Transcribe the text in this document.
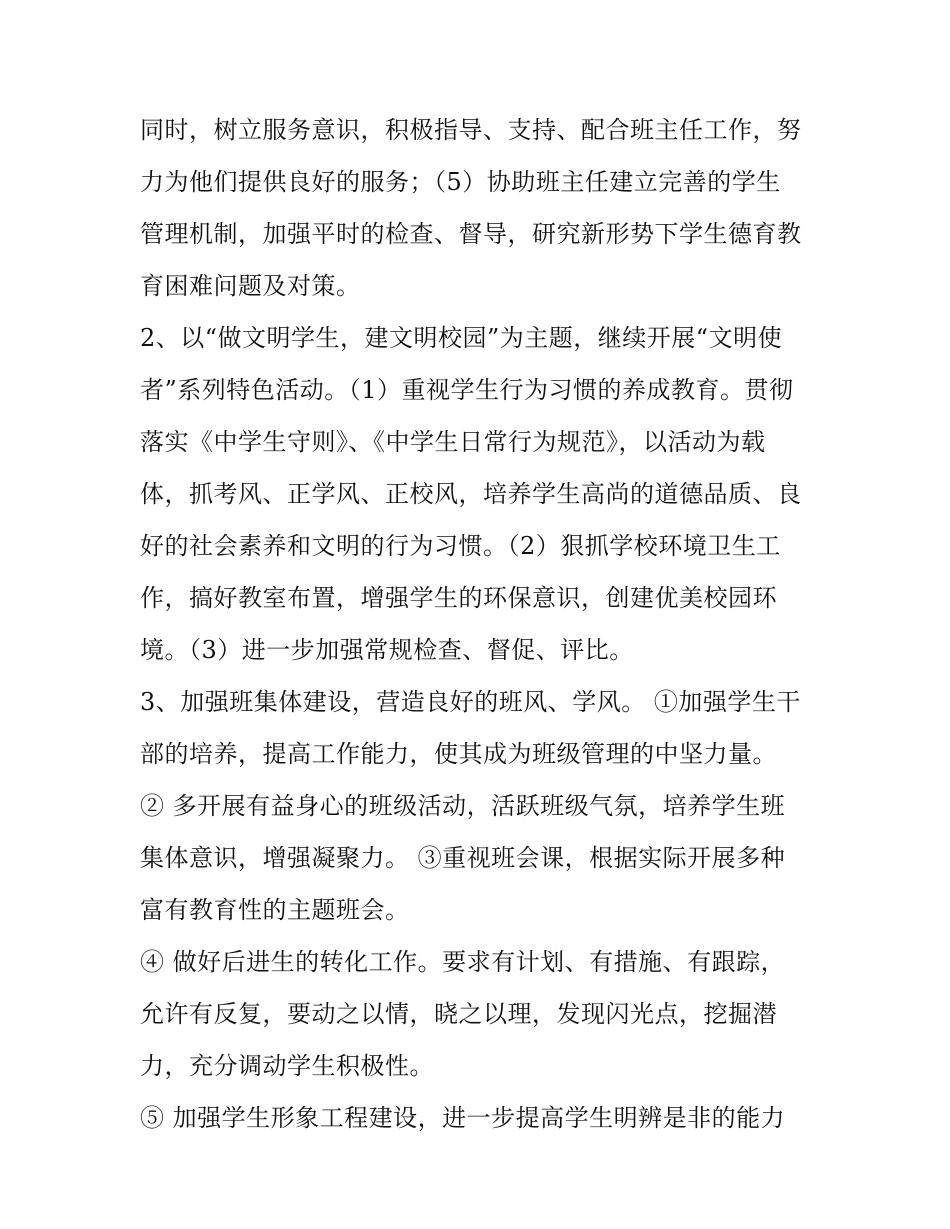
同时，树立服务意识，积极指导、支持、配合班主任工作，努
力为他们提供良好的服务；（5）协助班主任建立完善的学生
管理机制，加强平时的检查、督导，研究新形势下学生德育教
育困难问题及对策。
2、以“做文明学生，建文明校园”为主题，继续开展“文明使
者”系列特色活动。（1）重视学生行为习惯的养成教育。贯彻
落实《中学生守则》、《中学生日常行为规范》，以活动为载
体，抓考风、正学风、正校风，培养学生高尚的道德品质、良
好的社会素养和文明的行为习惯。（2）狠抓学校环境卫生工
作，搞好教室布置，增强学生的环保意识，创建优美校园环
境。（3）进一步加强常规检查、督促、评比。
3、加强班集体建设，营造良好的班风、学风。 ①加强学生干
部的培养，提高工作能力，使其成为班级管理的中坚力量。
② 多开展有益身心的班级活动，活跃班级气氛，培养学生班
集体意识，增强凝聚力。 ③重视班会课，根据实际开展多种
富有教育性的主题班会。
④ 做好后进生的转化工作。要求有计划、有措施、有跟踪，
允许有反复，要动之以情，晓之以理，发现闪光点，挖掘潜
力，充分调动学生积极性。
⑤ 加强学生形象工程建设，进一步提高学生明辨是非的能力
